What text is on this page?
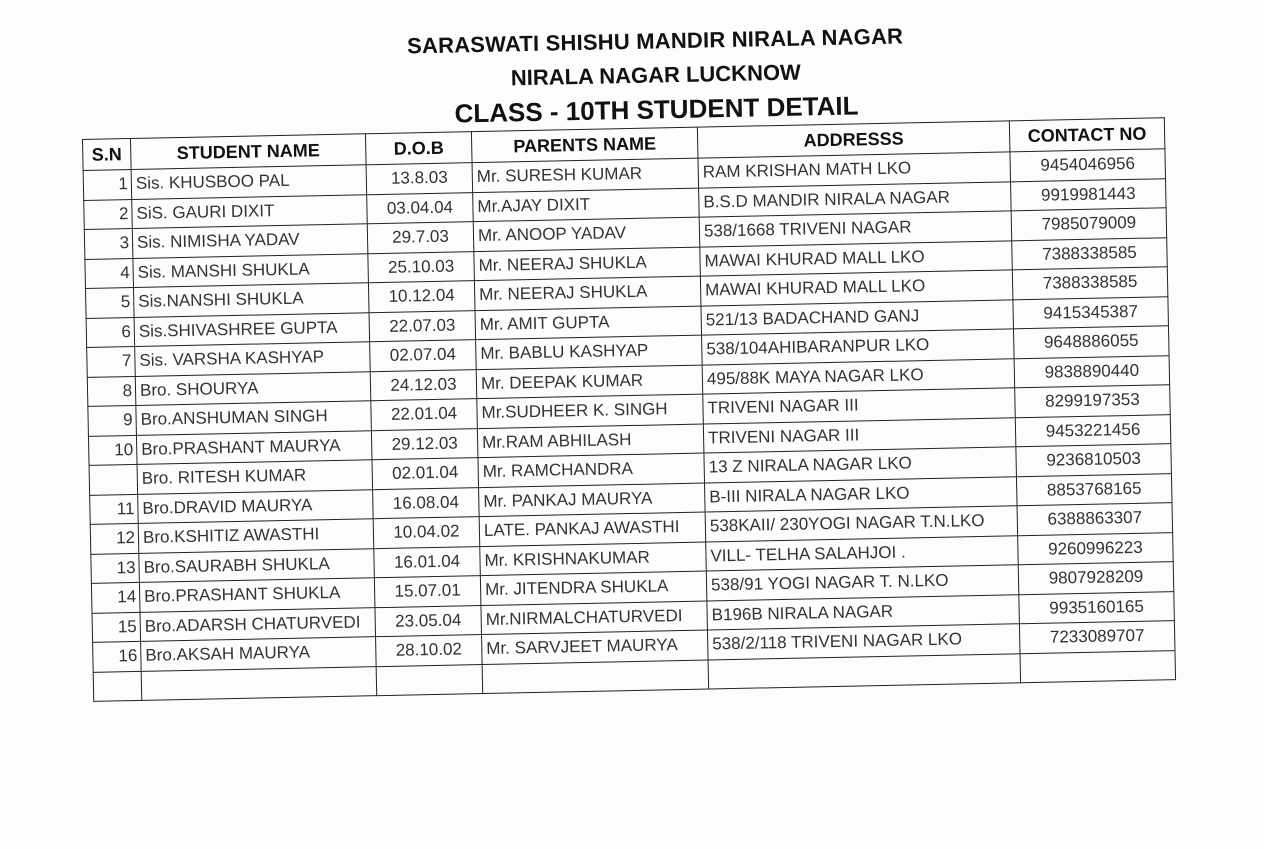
SARASWATI SHISHU MANDIR NIRALA NAGAR
NIRALA NAGAR LUCKNOW
CLASS - 10TH STUDENT DETAIL
S.N	STUDENT NAME	D.O.B	PARENTS NAME	ADDRESSS	CONTACT NO
1	Sis. KHUSBOO PAL	13.8.03	Mr. SURESH KUMAR	RAM KRISHAN MATH LKO	9454046956
2	SiS. GAURI DIXIT	03.04.04	Mr.AJAY DIXIT	B.S.D MANDIR NIRALA NAGAR	9919981443
3	Sis. NIMISHA YADAV	29.7.03	Mr. ANOOP YADAV	538/1668 TRIVENI NAGAR	7985079009
4	Sis. MANSHI SHUKLA	25.10.03	Mr. NEERAJ SHUKLA	MAWAI KHURAD MALL LKO	7388338585
5	Sis.NANSHI SHUKLA	10.12.04	Mr. NEERAJ SHUKLA	MAWAI KHURAD MALL LKO	7388338585
6	Sis.SHIVASHREE GUPTA	22.07.03	Mr. AMIT GUPTA	521/13 BADACHAND GANJ	9415345387
7	Sis. VARSHA KASHYAP	02.07.04	Mr. BABLU KASHYAP	538/104AHIBARANPUR LKO	9648886055
8	Bro. SHOURYA	24.12.03	Mr. DEEPAK KUMAR	495/88K MAYA NAGAR LKO	9838890440
9	Bro.ANSHUMAN SINGH	22.01.04	Mr.SUDHEER K. SINGH	TRIVENI NAGAR III	8299197353
10	Bro.PRASHANT MAURYA	29.12.03	Mr.RAM ABHILASH	TRIVENI NAGAR III	9453221456
	Bro. RITESH KUMAR	02.01.04	Mr. RAMCHANDRA	13 Z NIRALA NAGAR LKO	9236810503
11	Bro.DRAVID MAURYA	16.08.04	Mr. PANKAJ MAURYA	B-III NIRALA NAGAR LKO	8853768165
12	Bro.KSHITIZ AWASTHI	10.04.02	LATE. PANKAJ AWASTHI	538KAII/ 230YOGI NAGAR T.N.LKO	6388863307
13	Bro.SAURABH SHUKLA	16.01.04	Mr. KRISHNAKUMAR	VILL- TELHA SALAHJOI .	9260996223
14	Bro.PRASHANT SHUKLA	15.07.01	Mr. JITENDRA SHUKLA	538/91 YOGI NAGAR T. N.LKO	9807928209
15	Bro.ADARSH CHATURVEDI	23.05.04	Mr.NIRMALCHATURVEDI	B196B NIRALA NAGAR	9935160165
16	Bro.AKSAH MAURYA	28.10.02	Mr. SARVJEET MAURYA	538/2/118 TRIVENI NAGAR LKO	7233089707
